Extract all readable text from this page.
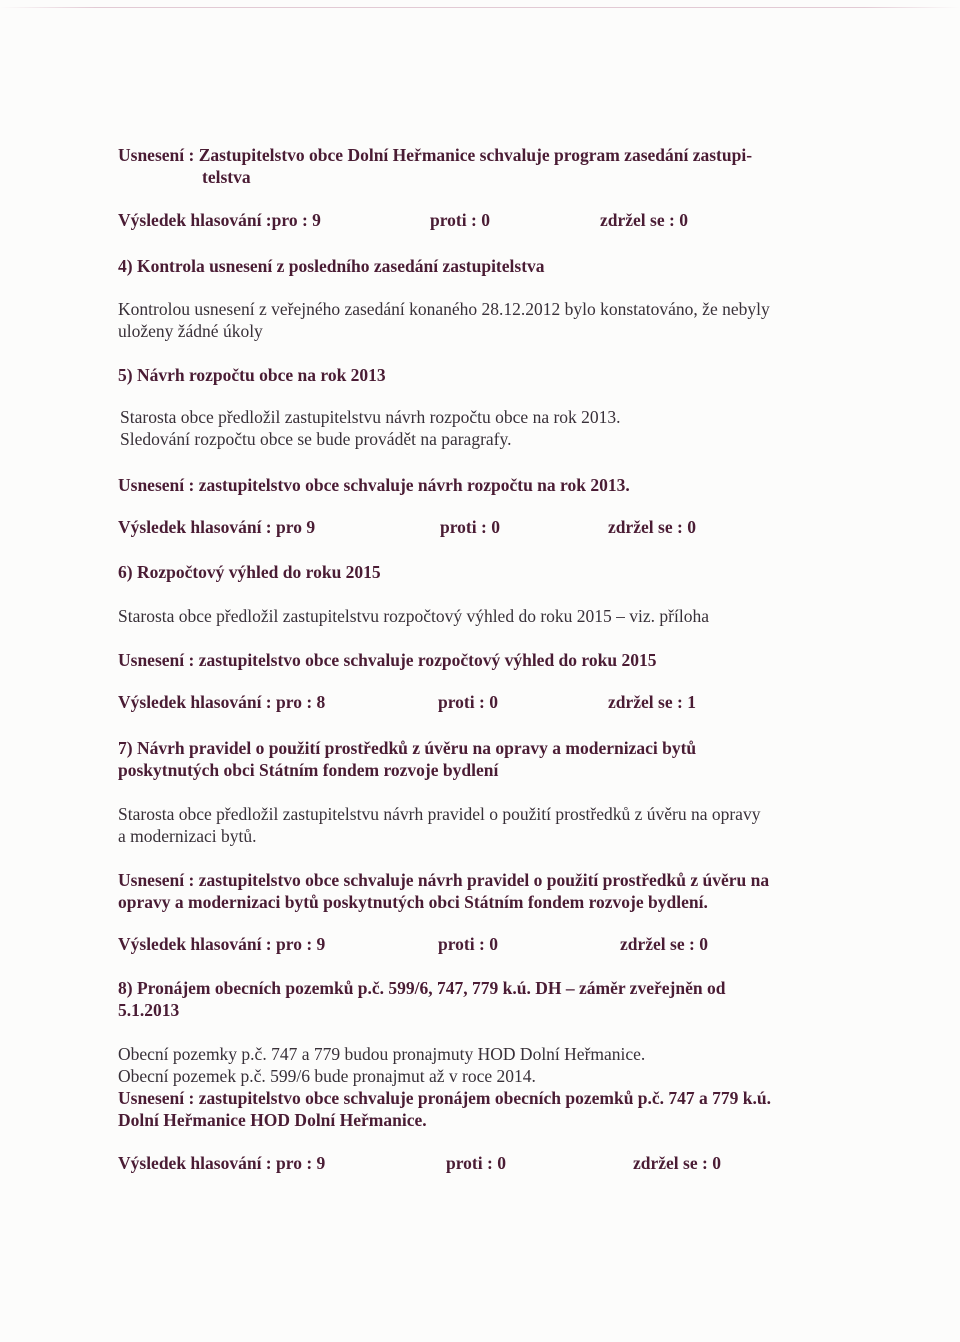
Usnesení : Zastupitelstvo obce Dolní Heřmanice schvaluje program zasedání zastupi-
telstva
Výsledek hlasování :pro : 9	proti : 0	zdržel se : 0
4) Kontrola usnesení z posledního zasedání zastupitelstva
Kontrolou usnesení z veřejného zasedání konaného 28.12.2012 bylo konstatováno, že nebyly
uloženy žádné úkoly
5) Návrh rozpočtu obce na rok 2013
Starosta obce předložil zastupitelstvu návrh rozpočtu obce na rok 2013.
Sledování rozpočtu obce se bude provádět na paragrafy.
Usnesení : zastupitelstvo obce schvaluje návrh rozpočtu na rok 2013.
Výsledek hlasování : pro 9	proti : 0	zdržel se : 0
6) Rozpočtový výhled do roku 2015
Starosta obce předložil zastupitelstvu rozpočtový výhled do roku 2015 – viz. příloha
Usnesení : zastupitelstvo obce schvaluje rozpočtový výhled do roku 2015
Výsledek hlasování : pro : 8	proti : 0	zdržel se : 1
7) Návrh pravidel o použití prostředků z úvěru na opravy a modernizaci bytů
poskytnutých obci Státním fondem rozvoje bydlení
Starosta obce předložil zastupitelstvu návrh pravidel o použití prostředků z úvěru na opravy
a modernizaci bytů.
Usnesení : zastupitelstvo obce schvaluje návrh pravidel o použití prostředků z úvěru na
opravy a modernizaci bytů poskytnutých obci Státním fondem rozvoje bydlení.
Výsledek hlasování : pro : 9	proti : 0	zdržel se : 0
8) Pronájem obecních pozemků p.č. 599/6, 747, 779 k.ú. DH – záměr zveřejněn od
5.1.2013
Obecní pozemky p.č. 747 a 779 budou pronajmuty HOD Dolní Heřmanice.
Obecní pozemek p.č. 599/6 bude pronajmut až v roce 2014.
Usnesení : zastupitelstvo obce schvaluje pronájem obecních pozemků p.č. 747 a 779 k.ú.
Dolní Heřmanice HOD Dolní Heřmanice.
Výsledek hlasování : pro : 9	proti : 0	zdržel se : 0
